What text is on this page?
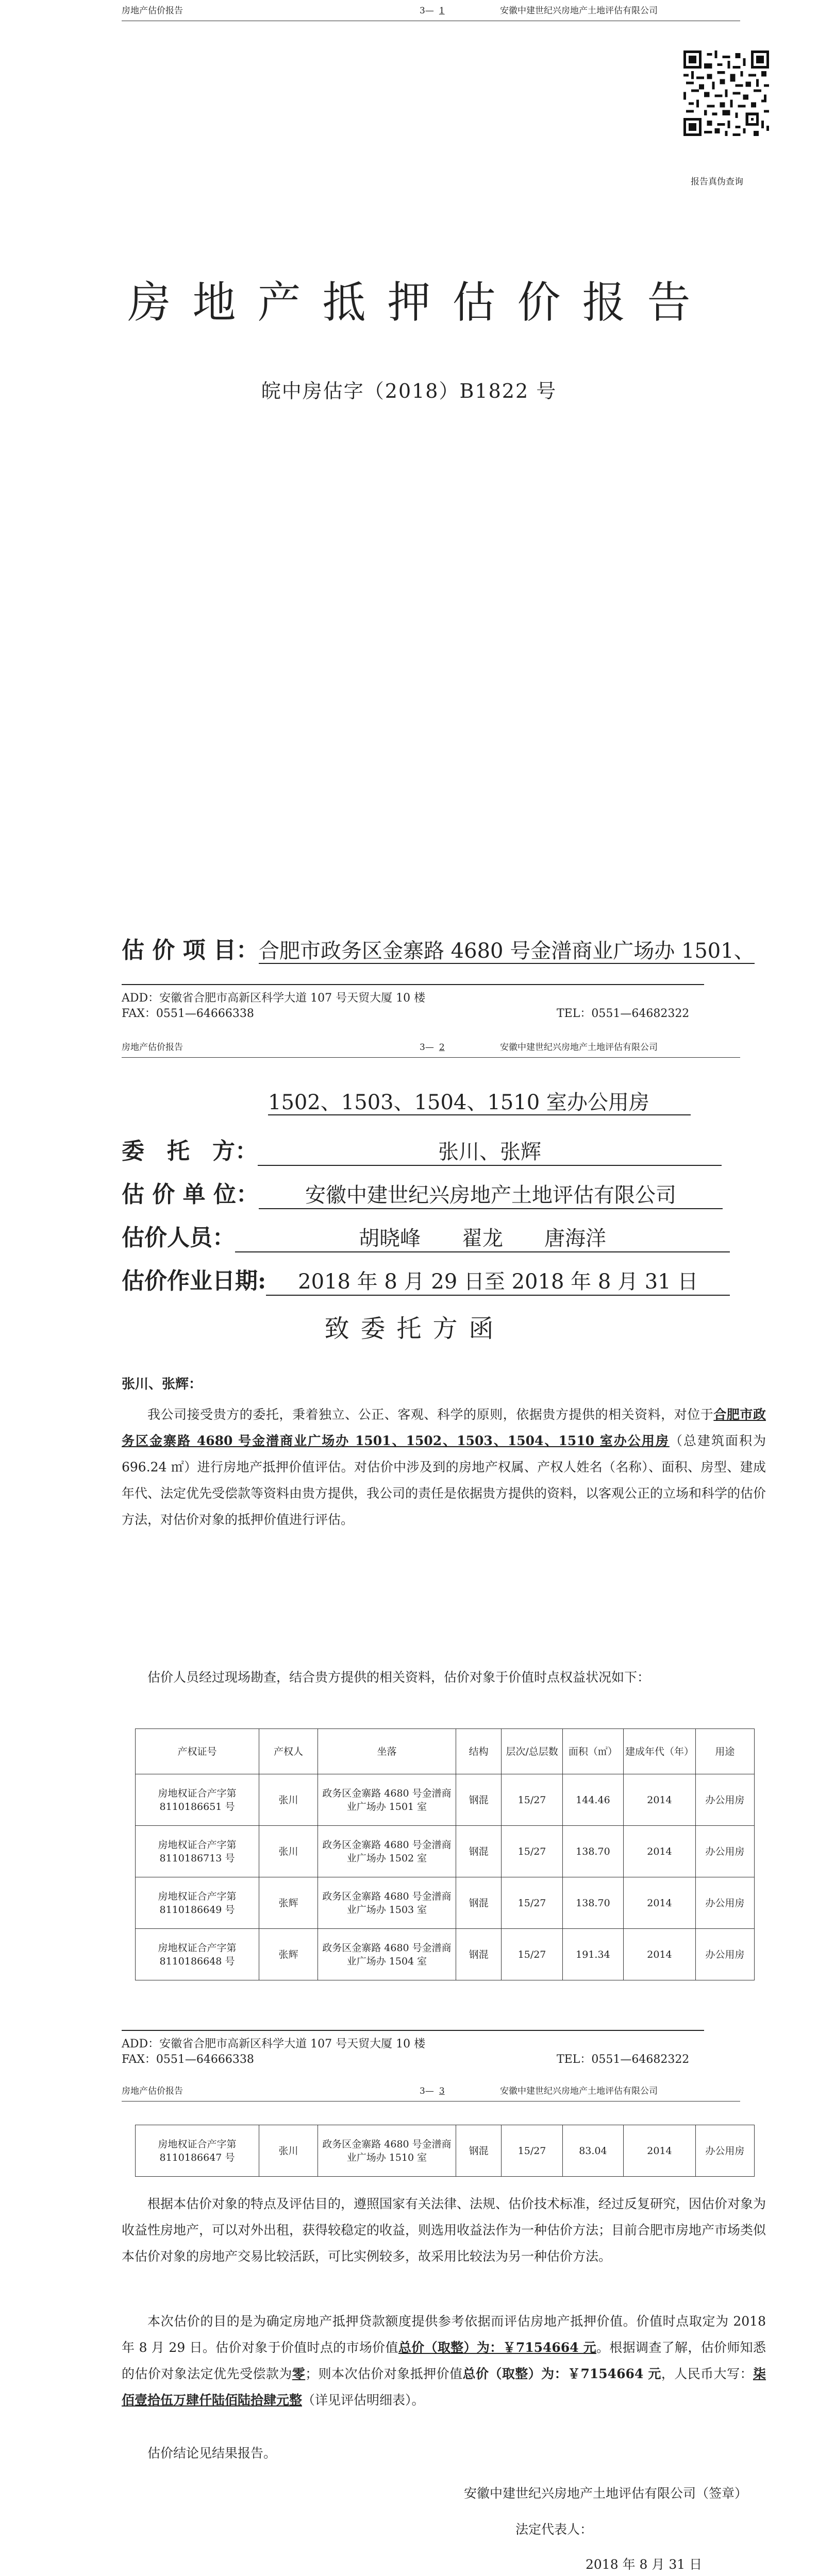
房地产估价报告	3— 1	安徽中建世纪兴房地产土地评估有限公司
报告真伪查询
房地产抵押估价报告
皖中房估字（2018）B1822 号
估 价 项 目：合肥市政务区金寨路 4680 号金潽商业广场办 1501、
ADD：安徽省合肥市高新区科学大道 107 号天贸大厦 10 楼
FAX：0551—64666338	TEL：0551—64682322
房地产估价报告	3— 2	安徽中建世纪兴房地产土地评估有限公司
1502、1503、1504、1510 室办公用房
委　托　方：	张川、张辉
估 价 单 位： 安徽中建世纪兴房地产土地评估有限公司
估价人员：	胡晓峰　　翟龙　　唐海洋
估价作业日期: 2018 年 8 月 29 日至 2018 年 8 月 31 日
致委托方函
张川、张辉：
我公司接受贵方的委托，秉着独立、公正、客观、科学的原则，依据贵方提供的相关资料，对位于合肥市政务区金寨路 4680 号金潽商业广场办 1501、1502、1503、1504、1510 室办公用房（总建筑面积为 696.24 ㎡）进行房地产抵押价值评估。对估价中涉及到的房地产权属、产权人姓名（名称）、面积、房型、建成年代、法定优先受偿款等资料由贵方提供，我公司的责任是依据贵方提供的资料，以客观公正的立场和科学的估价方法，对估价对象的抵押价值进行评估。
估价人员经过现场勘查，结合贵方提供的相关资料，估价对象于价值时点权益状况如下：
产权证号	产权人	坐落	结构	层次/总层数	面积（㎡）	建成年代（年）	用途
房地权证合产字第 8110186651 号	张川	政务区金寨路 4680 号金潽商业广场办 1501 室	钢混	15/27	144.46	2014	办公用房
房地权证合产字第 8110186713 号	张川	政务区金寨路 4680 号金潽商业广场办 1502 室	钢混	15/27	138.70	2014	办公用房
房地权证合产字第 8110186649 号	张辉	政务区金寨路 4680 号金潽商业广场办 1503 室	钢混	15/27	138.70	2014	办公用房
房地权证合产字第 8110186648 号	张辉	政务区金寨路 4680 号金潽商业广场办 1504 室	钢混	15/27	191.34	2014	办公用房
ADD：安徽省合肥市高新区科学大道 107 号天贸大厦 10 楼
FAX：0551—64666338	TEL：0551—64682322
房地产估价报告	3— 3	安徽中建世纪兴房地产土地评估有限公司
房地权证合产字第 8110186647 号	张川	政务区金寨路 4680 号金潽商业广场办 1510 室	钢混	15/27	83.04	2014	办公用房
根据本估价对象的特点及评估目的，遵照国家有关法律、法规、估价技术标准，经过反复研究，因估价对象为收益性房地产，可以对外出租，获得较稳定的收益，则选用收益法作为一种估价方法；目前合肥市房地产市场类似本估价对象的房地产交易比较活跃，可比实例较多，故采用比较法为另一种估价方法。
本次估价的目的是为确定房地产抵押贷款额度提供参考依据而评估房地产抵押价值。价值时点取定为 2018 年 8 月 29 日。估价对象于价值时点的市场价值总价（取整）为：￥7154664 元。根据调查了解，估价师知悉的估价对象法定优先受偿款为零；则本次估价对象抵押价值总价（取整）为：￥7154664 元，人民币大写：柒佰壹拾伍万肆仟陆佰陆拾肆元整（详见评估明细表）。
估价结论见结果报告。
安徽中建世纪兴房地产土地评估有限公司（签章）
法定代表人：
2018 年 8 月 31 日
